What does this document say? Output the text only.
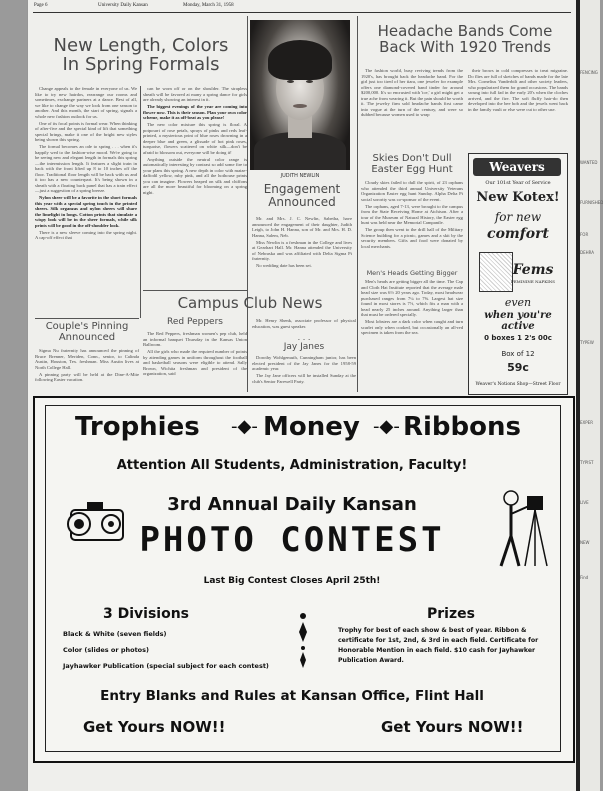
FENCING
WANTED
FURNISHED
FOR
DEHRA
TYPEW
EXPER
TYPIST
LIVE
NEW
Find
Page 6	University Daily Kansan	Monday, March 31, 1958
New Length, Colors
In Spring Formals

Change appeals to the female in everyone of us. We like to try new hairdos, rearrange our rooms and sometimes, exchange partners at a dance. Best of all, we like to change the way we look from one season to another. And this month, the start of spring, signals a whole new fashion outlook for us.

One of its focal points is formal wear. When thinking of after-five and the special kind of lift that something special brings, make it one of the bright new styles being shown this spring.

The formal becomes an ode to spring . . . when it's happily wed to the fashion-wise mood. We're going to be seeing new and elegant length in formals this spring—the intermission length. It features a slight train in back with the front lifted up 8 to 10 inches off the floor. Traditional floor length will be back with us and it too has a new counterpart. It's being shown in a sheath with a floating back panel that has a train effect—just a suggestion of a spring breeze.

Nylon sheer will be a favorite in the short formals this year with a special spring touch in the printed sheers. Silk organzas and nylon sheers will share the limelight in longs. Cotton prints that simulate a wispy look will be in the sheer formals, while silk prints will be good in the off-shoulder look.

There is a new sleeve coming into the spring night. A cap-off effect that

can be worn off or on the shoulder. The strapless sheath will be favored at many a spring dance for girls are already showing an interest in it.

The biggest evenings of the year are coming into flower now. This is their season. Plan your own color scheme, make it as off-beat as you please!

The new color mixture this spring is floral. A potpourri of rose petals, sprays of pinks and reds leaf-printed, a mysterious print of blue roses drowning in a deeper blue and green, a glissade of hot pink roses, turquoise, flowers scattered on white silk—don't be afraid to blossom out, everyone will be doing it!

Anything outside the neutral color range is automatically interesting by contrast so add some fire to your plans this spring. A new depth in color with maize-daffodil yellow, ruby pink, and all the hothouse prints you can imagine. Flowers heaped on silk and chiffons are all the more beautiful for blooming on a spring night.

Couple's Pinning
Announced

Sigma Nu fraternity has announced the pinning of Bruce Brenner, Meriden, Conn., senior, to Calinda Austin, Houston, Tex. freshman. Miss Austin lives at North College Hall.

A pinning party will be held at the Dine-A-Mite following Easter vacation.

Campus Club News
Red Peppers

The Red Peppers, freshman women's pep club, held an informal banquet Thursday in the Kansas Union Ballroom.

All the girls who made the required number of points by attending games in uniform throughout the football and basketball seasons were eligible to attend. Sally Brown, Wichita freshman and president of the organization, said

Mr. Henry Shenk, associate professor of physical education, was guest speaker.

. . .
Jay Janes

Dorothy Wohlgemuth, Cunningham junior, has been elected president of the Jay Janes for the 1958-59 academic year.

The Jay Jane officers will be installed Sunday at the club's Senior Farewell Party.

JUDITH NEWLIN
Engagement
Announced

Mr. and Mrs. J. C. Newlin, Sabetha, have announced the engagement of their daughter, Judith Leigh, to John H. Hanna, son of Mr. and Mrs. H. D. Hanna, Salem, Neb.

Miss Newlin is a freshman in the College and lives at Gearhart Hall. Mr. Hanna attended the University of Nebraska and was affiliated with Delta Sigma Pi fraternity.

No wedding date has been set.

Headache Bands Come
Back With 1920 Trends

The fashion world, busy reviving trends from the 1920's, has brought back the headache band. For the girl just too tired of her tiara, one jeweler for example offers one diamond-covered band tinder for around $200,000. It's so encrusted with 'ice,' a girl might get a true ache from wearing it. But the pain should be worth it. The jewelry firm sold headache bands first came into vogue at the turn of the century, and were so dubbed because women used to wrap

their brows in cold compresses to treat migraine. Do flies are full of sketches of bands made for the late Mrs. Cornelius Vanderbilt and other society leaders, who popularized them for grand occasions. The bands swung into full fad in the early 20's when the cloches arrived, and the fire. The soft fluffy hair-do then developed into the bee bob and the jewels went back in the family vault or else were cut to other use.

Skies Don't Dull
Easter Egg Hunt

Cloudy skies failed to dull the spirit, of 23 orphans who attended the third annual University Veterans Organization Easter egg hunt Sunday. Alpha Delta Pi social sorority was co-sponsor of the event.

The orphans, aged 7-13, were brought to the campus from the State Receiving Home at Atchison. After a tour of the Museum of Natural History, the Easter egg hunt was held near the Memorial Campanile.

The group then went to the drill hall of the Military Science building for a picnic, games and a skit by the security members. Gifts and food were donated by local merchants.

Men's Heads Getting Bigger

Men's heads are getting bigger all the time. The Cap and Cloth Hat Institute reported that the average male head size was 6½ 20 years ago. Today, most headwear purchased ranges from 7¼ to 7⅜. Largest hat size found in most stores is 7½, which fits a man with a head nearly 25 inches around. Anything larger than that must be ordered specially.

Most lobsters are a dark color when caught and turn scarlet only when cooked, but occasionally an all-red specimen is taken from the sea.

Weavers
Our 101st Year of Service
New Kotex!
for new
comfort
Fems
FEMININE NAPKINS
even
when you're active
0 boxes 1 2's 00c
Box of 12
59c
Weaver's Notions Shop—Street Floor
Trophies -◆- Money -◆- Ribbons
Attention All Students, Administration, Faculty!
3rd Annual Daily Kansan
PHOTO CONTEST
Last Big Contest Closes April 25th!
3 Divisions
Black & White (seven fields)
Color (slides or photos)
Jayhawker Publication (special subject for each contest)
Prizes
Trophy for best of each show & best of year. Ribbon & certificate for 1st, 2nd, & 3rd in each field. Certificate for Honorable Mention in each field. $10 cash for Jayhawker Publication Award.
Entry Blanks and Rules at Kansan Office, Flint Hall
Get Yours NOW!!	Get Yours NOW!!
